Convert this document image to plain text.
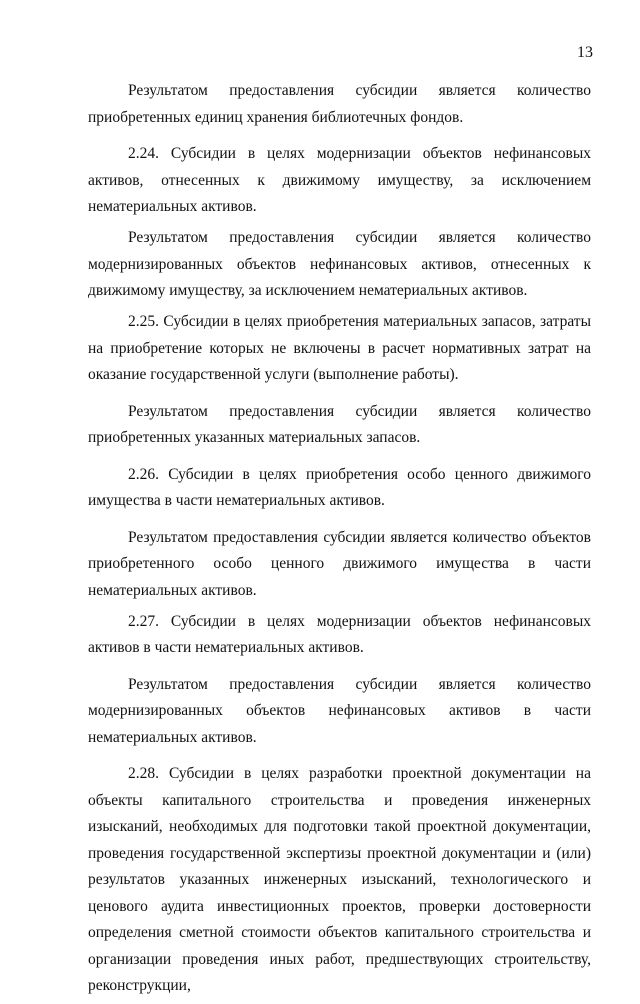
13

Результатом предоставления субсидии является количество приобретенных единиц хранения библиотечных фондов.

2.24. Субсидии в целях модернизации объектов нефинансовых активов, отнесенных к движимому имуществу, за исключением нематериальных активов.

Результатом предоставления субсидии является количество модернизированных объектов нефинансовых активов, отнесенных к движимому имуществу, за исключением нематериальных активов.

2.25. Субсидии в целях приобретения материальных запасов, затраты на приобретение которых не включены в расчет нормативных затрат на оказание государственной услуги (выполнение работы).

Результатом предоставления субсидии является количество приобретенных указанных материальных запасов.

2.26. Субсидии в целях приобретения особо ценного движимого имущества в части нематериальных активов.

Результатом предоставления субсидии является количество объектов приобретенного особо ценного движимого имущества в части нематериальных активов.

2.27. Субсидии в целях модернизации объектов нефинансовых активов в части нематериальных активов.

Результатом предоставления субсидии является количество модернизированных объектов нефинансовых активов в части нематериальных активов.

2.28. Субсидии в целях разработки проектной документации на объекты капитального строительства и проведения инженерных изысканий, необходимых для подготовки такой проектной документации, проведения государственной экспертизы проектной документации и (или) результатов указанных инженерных изысканий, технологического и ценового аудита инвестиционных проектов, проверки достоверности определения сметной стоимости объектов капитального строительства и организации проведения иных работ, предшествующих строительству, реконструкции,
